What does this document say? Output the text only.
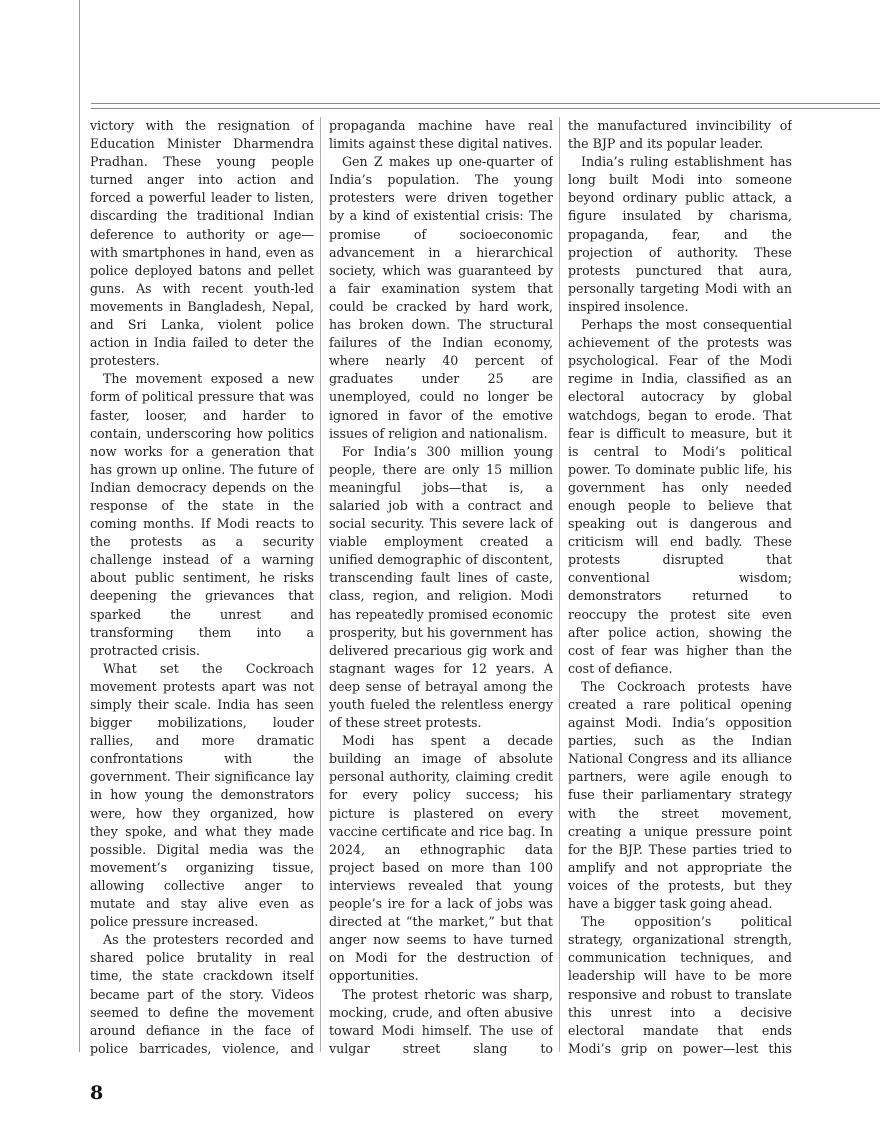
victory with the resignation of Education Minister Dharmendra Pradhan. These young people turned anger into action and forced a powerful leader to listen, discarding the traditional Indian deference to authority or age—with smartphones in hand, even as police deployed batons and pellet guns. As with recent youth-led movements in Bangladesh, Nepal, and Sri Lanka, violent police action in India failed to deter the protesters.

The movement exposed a new form of political pressure that was faster, looser, and harder to contain, underscoring how politics now works for a generation that has grown up online. The future of Indian democracy depends on the response of the state in the coming months. If Modi reacts to the protests as a security challenge instead of a warning about public sentiment, he risks deepening the grievances that sparked the unrest and transforming them into a protracted crisis.

What set the Cockroach movement protests apart was not simply their scale. India has seen bigger mobilizations, louder rallies, and more dramatic confrontations with the government. Their significance lay in how young the demonstrators were, how they organized, how they spoke, and what they made possible. Digital media was the movement’s organizing tissue, allowing collective anger to mutate and stay alive even as police pressure increased.

As the protesters recorded and shared police brutality in real time, the state crackdown itself became part of the story. Videos seemed to define the movement around defiance in the face of police barricades, violence, and

propaganda machine have real limits against these digital natives.

Gen Z makes up one-quarter of India’s population. The young protesters were driven together by a kind of existential crisis: The promise of socioeconomic advancement in a hierarchical society, which was guaranteed by a fair examination system that could be cracked by hard work, has broken down. The structural failures of the Indian economy, where nearly 40 percent of graduates under 25 are unemployed, could no longer be ignored in favor of the emotive issues of religion and nationalism.

For India’s 300 million young people, there are only 15 million meaningful jobs—that is, a salaried job with a contract and social security. This severe lack of viable employment created a unified demographic of discontent, transcending fault lines of caste, class, region, and religion. Modi has repeatedly promised economic prosperity, but his government has delivered precarious gig work and stagnant wages for 12 years. A deep sense of betrayal among the youth fueled the relentless energy of these street protests.

Modi has spent a decade building an image of absolute personal authority, claiming credit for every policy success; his picture is plastered on every vaccine certificate and rice bag. In 2024, an ethnographic data project based on more than 100 interviews revealed that young people’s ire for a lack of jobs was directed at “the market,” but that anger now seems to have turned on Modi for the destruction of opportunities.

The protest rhetoric was sharp, mocking, crude, and often abusive toward Modi himself. The use of vulgar street slang to

the manufactured invincibility of the BJP and its popular leader.

India’s ruling establishment has long built Modi into someone beyond ordinary public attack, a figure insulated by charisma, propaganda, fear, and the projection of authority. These protests punctured that aura, personally targeting Modi with an inspired insolence.

Perhaps the most consequential achievement of the protests was psychological. Fear of the Modi regime in India, classified as an electoral autocracy by global watchdogs, began to erode. That fear is difficult to measure, but it is central to Modi’s political power. To dominate public life, his government has only needed enough people to believe that speaking out is dangerous and criticism will end badly. These protests disrupted that conventional wisdom; demonstrators returned to reoccupy the protest site even after police action, showing the cost of fear was higher than the cost of defiance.

The Cockroach protests have created a rare political opening against Modi. India’s opposition parties, such as the Indian National Congress and its alliance partners, were agile enough to fuse their parliamentary strategy with the street movement, creating a unique pressure point for the BJP. These parties tried to amplify and not appropriate the voices of the protests, but they have a bigger task going ahead.

The opposition’s political strategy, organizational strength, communication techniques, and leadership will have to be more responsive and robust to translate this unrest into a decisive electoral mandate that ends Modi’s grip on power—lest this

8
